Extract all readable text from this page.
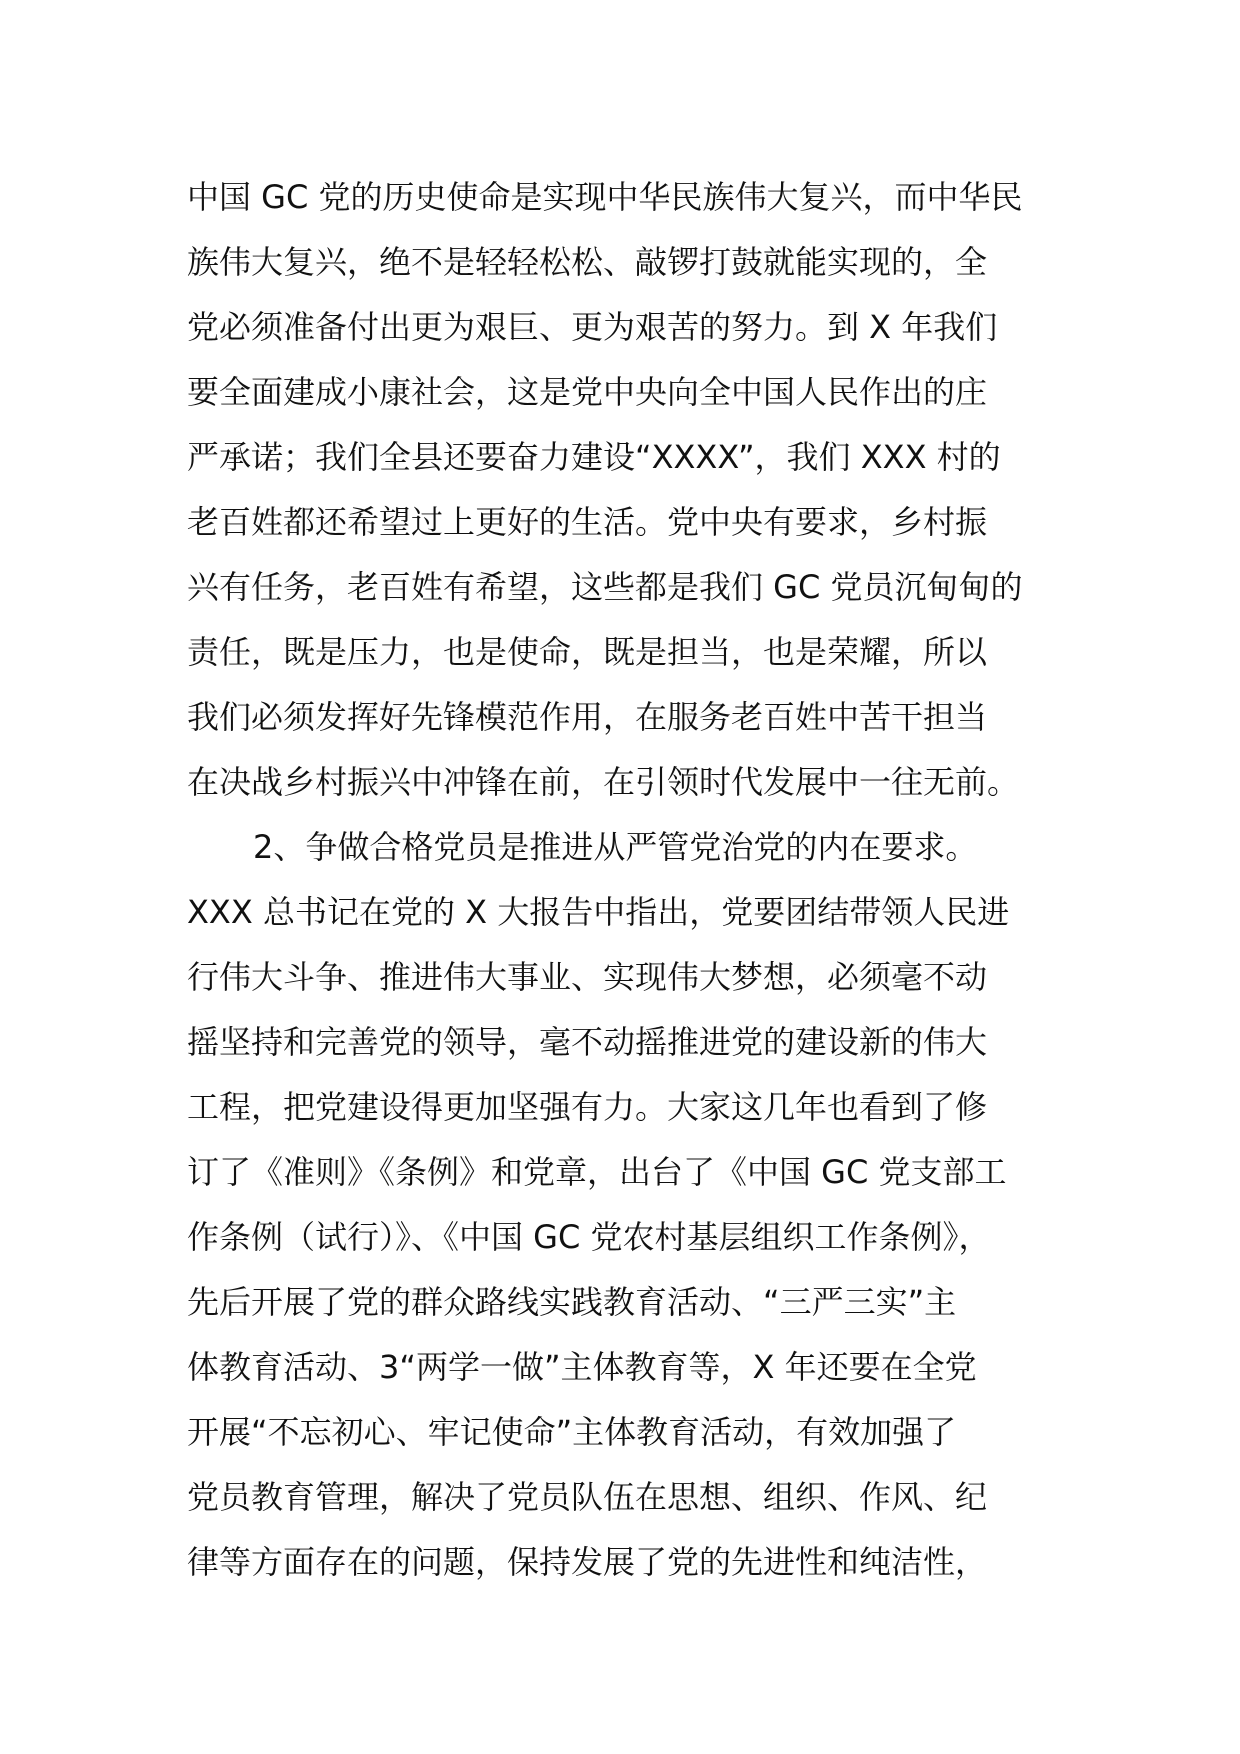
中国 GC 党的历史使命是实现中华民族伟大复兴，而中华民
族伟大复兴，绝不是轻轻松松、敲锣打鼓就能实现的，全
党必须准备付出更为艰巨、更为艰苦的努力。到 X 年我们
要全面建成小康社会，这是党中央向全中国人民作出的庄
严承诺；我们全县还要奋力建设“XXXX”，我们 XXX 村的
老百姓都还希望过上更好的生活。党中央有要求，乡村振
兴有任务，老百姓有希望，这些都是我们 GC 党员沉甸甸的
责任，既是压力，也是使命，既是担当，也是荣耀，所以
我们必须发挥好先锋模范作用，在服务老百姓中苦干担当
在决战乡村振兴中冲锋在前，在引领时代发展中一往无前。
2、争做合格党员是推进从严管党治党的内在要求。
XXX 总书记在党的 X 大报告中指出，党要团结带领人民进
行伟大斗争、推进伟大事业、实现伟大梦想，必须毫不动
摇坚持和完善党的领导，毫不动摇推进党的建设新的伟大
工程，把党建设得更加坚强有力。大家这几年也看到了修
订了《准则》《条例》和党章，出台了《中国 GC 党支部工
作条例（试行）》、《中国 GC 党农村基层组织工作条例》，
先后开展了党的群众路线实践教育活动、“三严三实”主
体教育活动、3“两学一做”主体教育等，X 年还要在全党
开展“不忘初心、牢记使命”主体教育活动，有效加强了
党员教育管理，解决了党员队伍在思想、组织、作风、纪
律等方面存在的问题，保持发展了党的先进性和纯洁性，
